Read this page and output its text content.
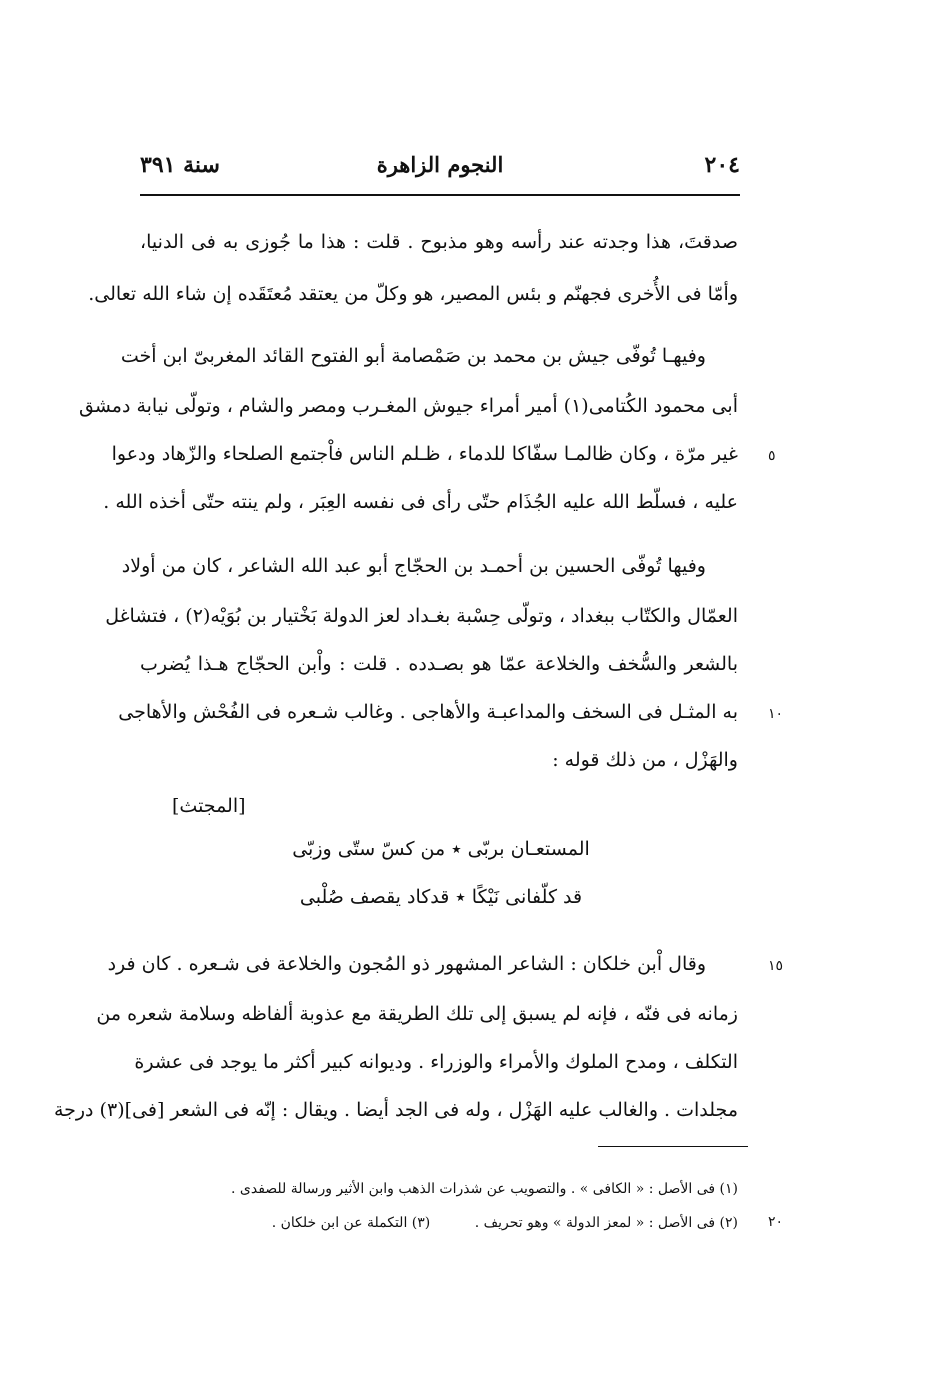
سنة ٣٩١	النجوم الزاهرة	٢٠٤
صدقتَ، هذا وجدته عند رأسه وهو مذبوح . قلت : هذا ما جُوزى به فى الدنيا،
وأمّا فى الأُخرى فجهنّم و بئس المصير، هو وكلّ من يعتقد مُعتَقَده إن شاء الله تعالى.
وفيهـا تُوفّى جيش بن محمد بن صَمْصامة أبو الفتوح القائد المغربىّ ابن أخت
أبى محمود الكُتامى(١) أمير أمراء جيوش المغـرب ومصر والشام ، وتولّى نيابة دمشق
غير مرّة ، وكان ظالمـا سفّاكا للدماء ، ظـلم الناس فاْجتمع الصلحاء والزّهاد ودعوا
عليه ، فسلّط الله عليه الجُذَام حتّى رأى فى نفسه العِبَر ، ولم ينته حتّى أخذه الله .
وفيها تُوفّى الحسين بن أحمـد بن الحجّاج أبو عبد الله الشاعر ، كان من أولاد
العمّال والكتّاب ببغداد ، وتولّى حِسْبة بغـداد لعز الدولة بَخْتيار بن بُوَيْه(٢) ، فتشاغل
بالشعر والسُّخف والخلاعة عمّا هو بصـدده . قلت : واْبن الحجّاج هـذا يُضرب
به المثـل فى السخف والمداعبـة والأهاجى . وغالب شـعره فى الفُحْش والأهاجى
والهَزْل ، من ذلك قوله :
[المجتث]
المستعـان بربّى ٭ من كسّ ستّى وزبّى
قد كلّفانى نَيْكًا ٭ قدكاد يقصف صُلْبى
وقال اْبن خلكان : الشاعر المشهور ذو المُجون والخلاعة فى شـعره . كان فرد
زمانه فى فنّه ، فإنه لم يسبق إلى تلك الطريقة مع عذوبة ألفاظه وسلامة شعره من
التكلف ، ومدح الملوك والأمراء والوزراء . وديوانه كبير أكثر ما يوجد فى عشرة
مجلدات . والغالب عليه الهَزْل ، وله فى الجد أيضا . ويقال : إنّه فى الشعر [فى](٣) درجة
٥
١٠
١٥
٢٠
(١) فى الأصل : « الكافى » . والتصويب عن شذرات الذهب وابن الأثير ورسالة للصفدى .
(٢) فى الأصل : « لمعز الدولة » وهو تحريف . (٣) التكملة عن ابن خلكان .
